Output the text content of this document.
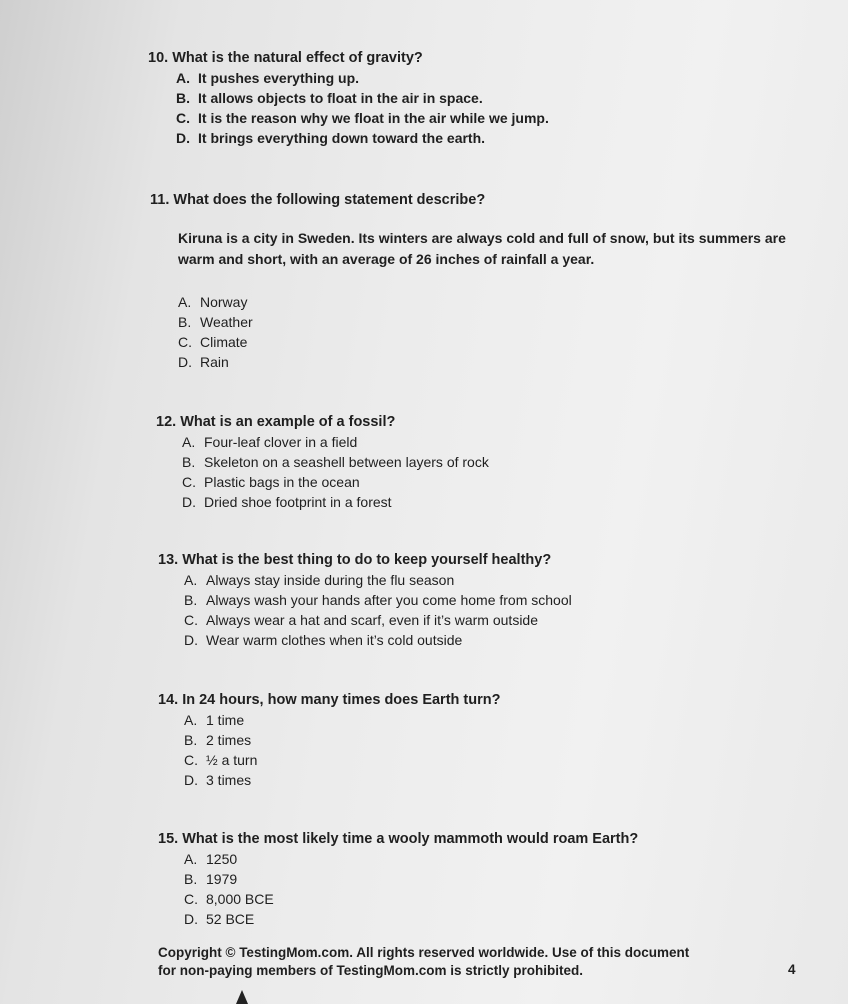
10. What is the natural effect of gravity?
A. It pushes everything up.
B. It allows objects to float in the air in space.
C. It is the reason why we float in the air while we jump.
D. It brings everything down toward the earth.
11. What does the following statement describe?

Kiruna is a city in Sweden. Its winters are always cold and full of snow, but its summers are

warm and short, with an average of 26 inches of rainfall a year.

A. Norway
B. Weather
C. Climate
D. Rain
12. What is an example of a fossil?
A. Four-leaf clover in a field
B. Skeleton on a seashell between layers of rock
C. Plastic bags in the ocean
D. Dried shoe footprint in a forest
13. What is the best thing to do to keep yourself healthy?
A. Always stay inside during the flu season
B. Always wash your hands after you come home from school
C. Always wear a hat and scarf, even if it’s warm outside
D. Wear warm clothes when it’s cold outside
14. In 24 hours, how many times does Earth turn?
A. 1 time
B. 2 times
C. ½ a turn
D. 3 times
15. What is the most likely time a wooly mammoth would roam Earth?
A. 1250
B. 1979
C. 8,000 BCE
D. 52 BCE
Copyright © TestingMom.com. All rights reserved worldwide. Use of this document
for non-paying members of TestingMom.com is strictly prohibited.	4
